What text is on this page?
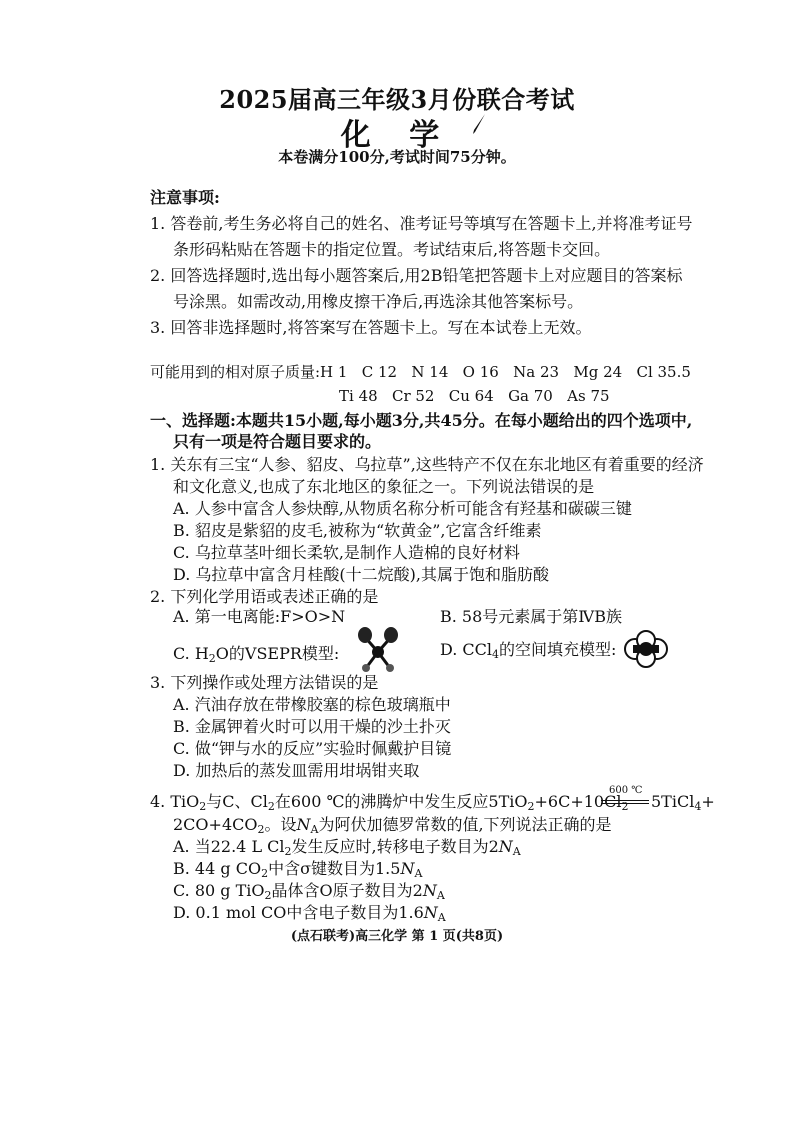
2025届高三年级3月份联合考试
化 学
本卷满分100分,考试时间75分钟。
注意事项:
1. 答卷前,考生务必将自己的姓名、准考证号等填写在答题卡上,并将准考证号
条形码粘贴在答题卡的指定位置。考试结束后,将答题卡交回。
2. 回答选择题时,选出每小题答案后,用2B铅笔把答题卡上对应题目的答案标
号涂黑。如需改动,用橡皮擦干净后,再选涂其他答案标号。
3. 回答非选择题时,将答案写在答题卡上。写在本试卷上无效。
可能用到的相对原子质量:H 1   C 12   N 14   O 16   Na 23   Mg 24   Cl 35.5
Ti 48   Cr 52   Cu 64   Ga 70   As 75
一、选择题:本题共15小题,每小题3分,共45分。在每小题给出的四个选项中,
只有一项是符合题目要求的。
1. 关东有三宝“人参、貂皮、乌拉草”,这些特产不仅在东北地区有着重要的经济
和文化意义,也成了东北地区的象征之一。下列说法错误的是
A. 人参中富含人参炔醇,从物质名称分析可能含有羟基和碳碳三键
B. 貂皮是紫貂的皮毛,被称为“软黄金”,它富含纤维素
C. 乌拉草茎叶细长柔软,是制作人造棉的良好材料
D. 乌拉草中富含月桂酸(十二烷酸),其属于饱和脂肪酸
2. 下列化学用语或表述正确的是
A. 第一电离能:F>O>N	B. 58号元素属于第ⅣB族
C. $H_2O$的VSEPR模型:	D. CCl$_4$的空间填充模型:
3. 下列操作或处理方法错误的是
A. 汽油存放在带橡胶塞的棕色玻璃瓶中
B. 金属钾着火时可以用干燥的沙土扑灭
C. 做“钾与水的反应”实验时佩戴护目镜
D. 加热后的蒸发皿需用坩埚钳夹取
4. TiO$_2$与C、$Cl_2$在600 ℃的沸腾炉中发生反应$5TiO_2+6C+10Cl_2$
600 ℃
5TiCl$_4$+
$2CO+4CO_2$。设$N_A$为阿伏加德罗常数的值,下列说法正确的是
A. 当22.4 L $Cl_2$发生反应时,转移电子数目为$2N_A$
B. 44 g $CO_2$中含σ键数目为$1.5N_A$
C. 80 g TiO$_2$晶体含O原子数目为$2N_A$
D. 0.1 mol CO中含电子数目为$1.6N_A$
(点石联考)高三化学 第 1 页(共8页)
